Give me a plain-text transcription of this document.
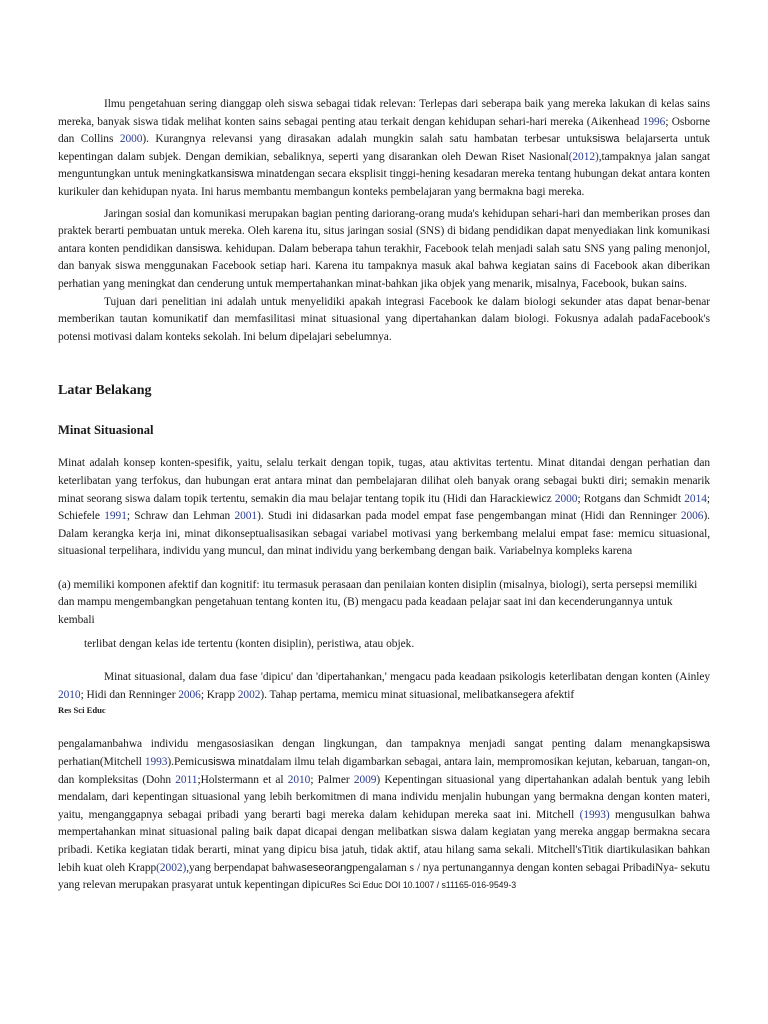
Ilmu pengetahuan sering dianggap oleh siswa sebagai tidak relevan: Terlepas dari seberapa baik yang mereka lakukan di kelas sains mereka, banyak siswa tidak melihat konten sains sebagai penting atau terkait dengan kehidupan sehari-hari mereka (Aikenhead 1996; Osborne dan Collins 2000). Kurangnya relevansi yang dirasakan adalah mungkin salah satu hambatan terbesar untuksiswa belajarserta untuk kepentingan dalam subjek. Dengan demikian, sebaliknya, seperti yang disarankan oleh Dewan Riset Nasional(2012),tampaknya jalan sangat menguntungkan untuk meningkatkansiswa minatdengan secara eksplisit tinggi-hening kesadaran mereka tentang hubungan dekat antara konten kurikuler dan kehidupan nyata. Ini harus membantu membangun konteks pembelajaran yang bermakna bagi mereka.

Jaringan sosial dan komunikasi merupakan bagian penting dariorang-orang muda's kehidupan sehari-hari dan memberikan proses dan praktek berarti pembuatan untuk mereka. Oleh karena itu, situs jaringan sosial (SNS) di bidang pendidikan dapat menyediakan link komunikasi antara konten pendidikan dansiswa. kehidupan. Dalam beberapa tahun terakhir, Facebook telah menjadi salah satu SNS yang paling menonjol, dan banyak siswa menggunakan Facebook setiap hari. Karena itu tampaknya masuk akal bahwa kegiatan sains di Facebook akan diberikan perhatian yang meningkat dan cenderung untuk mempertahankan minat-bahkan jika objek yang menarik, misalnya, Facebook, bukan sains.

Tujuan dari penelitian ini adalah untuk menyelidiki apakah integrasi Facebook ke dalam biologi sekunder atas dapat benar-benar memberikan tautan komunikatif dan memfasilitasi minat situasional yang dipertahankan dalam biologi. Fokusnya adalah padaFacebook's potensi motivasi dalam konteks sekolah. Ini belum dipelajari sebelumnya.

Latar Belakang
Minat Situasional

Minat adalah konsep konten-spesifik, yaitu, selalu terkait dengan topik, tugas, atau aktivitas tertentu. Minat ditandai dengan perhatian dan keterlibatan yang terfokus, dan hubungan erat antara minat dan pembelajaran dilihat oleh banyak orang sebagai bukti diri; semakin menarik minat seorang siswa dalam topik tertentu, semakin dia mau belajar tentang topik itu (Hidi dan Harackiewicz 2000; Rotgans dan Schmidt 2014; Schiefele 1991; Schraw dan Lehman 2001). Studi ini didasarkan pada model empat fase pengembangan minat (Hidi dan Renninger 2006). Dalam kerangka kerja ini, minat dikonseptualisasikan sebagai variabel motivasi yang berkembang melalui empat fase: memicu situasional, situasional terpelihara, individu yang muncul, dan minat individu yang berkembang dengan baik. Variabelnya kompleks karena

(a) memiliki komponen afektif dan kognitif: itu termasuk perasaan dan penilaian konten disiplin (misalnya, biologi), serta persepsi memiliki dan mampu mengembangkan pengetahuan tentang konten itu, (B) mengacu pada keadaan pelajar saat ini dan kecenderungannya untuk kembali

terlibat dengan kelas ide tertentu (konten disiplin), peristiwa, atau objek.

Minat situasional, dalam dua fase 'dipicu' dan 'dipertahankan,' mengacu pada keadaan psikologis keterlibatan dengan konten (Ainley 2010; Hidi dan Renninger 2006; Krapp 2002). Tahap pertama, memicu minat situasional, melibatkansegera afektif

Res Sci Educ

pengalamanbahwa individu mengasosiasikan dengan lingkungan, dan tampaknya menjadi sangat penting dalam menangkapsiswa perhatian(Mitchell 1993).Pemicusiswa minatdalam ilmu telah digambarkan sebagai, antara lain, mempromosikan kejutan, kebaruan, tangan-on, dan kompleksitas (Dohn 2011;Holstermann et al 2010; Palmer 2009) Kepentingan situasional yang dipertahankan adalah bentuk yang lebih mendalam, dari kepentingan situasional yang lebih berkomitmen di mana individu menjalin hubungan yang bermakna dengan konten materi, yaitu, menganggapnya sebagai pribadi yang berarti bagi mereka dalam kehidupan mereka saat ini. Mitchell (1993) mengusulkan bahwa mempertahankan minat situasional paling baik dapat dicapai dengan melibatkan siswa dalam kegiatan yang mereka anggap bermakna secara pribadi. Ketika kegiatan tidak berarti, minat yang dipicu bisa jatuh, tidak aktif, atau hilang sama sekali. Mitchell'sTitik diartikulasikan bahkan lebih kuat oleh Krapp(2002),yang berpendapat bahwaseseorangpengalaman s / nya pertunangannya dengan konten sebagai PribadiNya- sekutu yang relevan merupakan prasyarat untuk kepentingan dipicuRes Sci Educ DOI 10.1007 / s11165-016-9549-3
